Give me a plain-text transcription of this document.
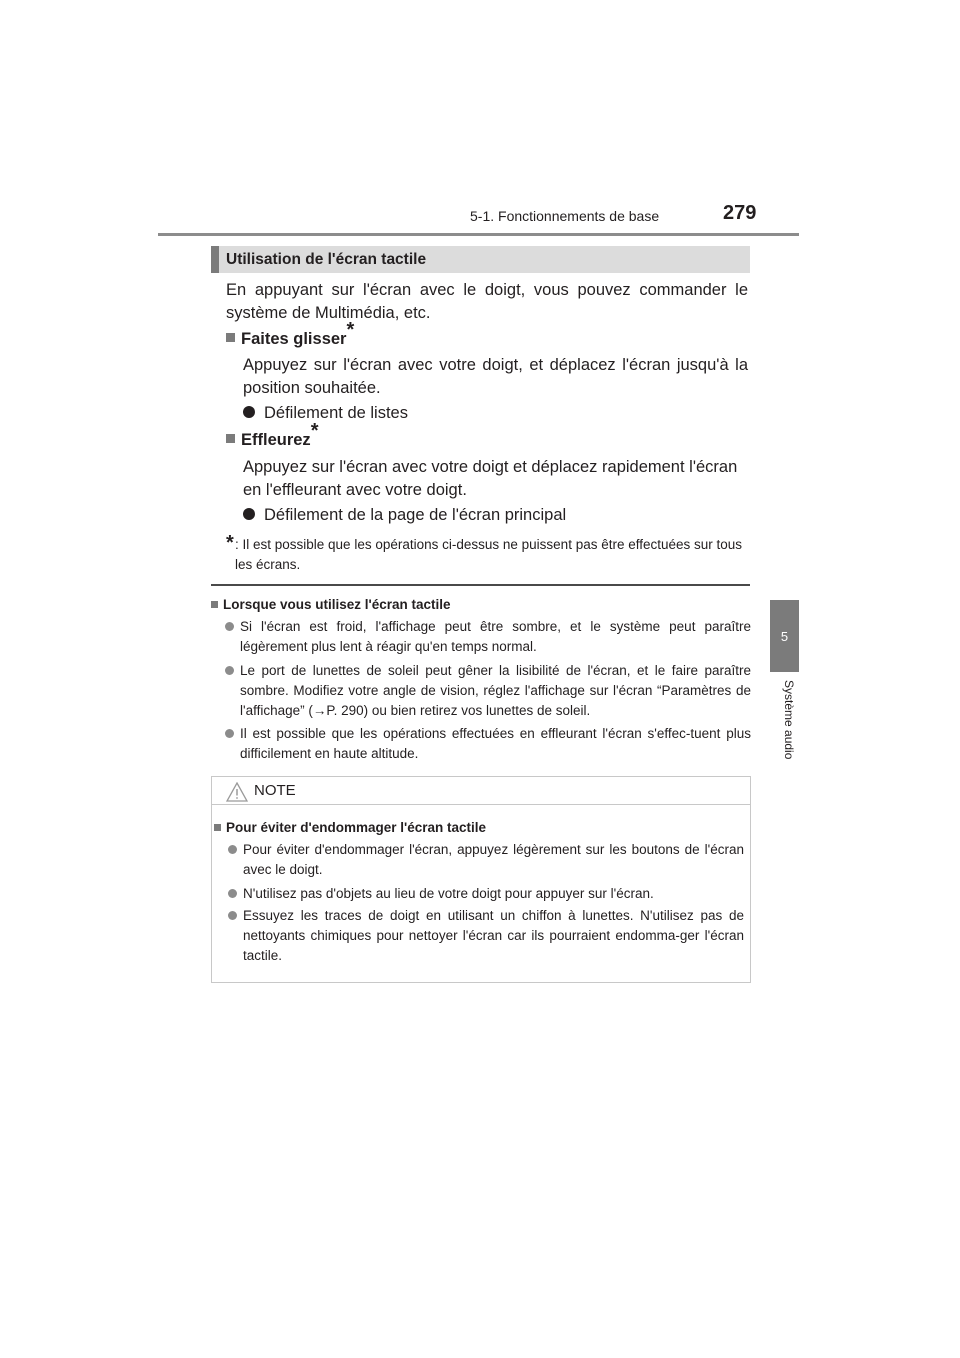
5-1. Fonctionnements de base	279
5
Système audio
Utilisation de l'écran tactile
En appuyant sur l'écran avec le doigt, vous pouvez commander le système de Multimédia, etc.
Faites glisser*
Appuyez sur l'écran avec votre doigt, et déplacez l'écran jusqu'à la position souhaitée.
Défilement de listes
Effleurez*
Appuyez sur l'écran avec votre doigt et déplacez rapidement l'écran en l'effleurant avec votre doigt.
Défilement de la page de l'écran principal
* : Il est possible que les opérations ci-dessus ne puissent pas être effectuées sur tous les écrans.
Lorsque vous utilisez l'écran tactile
Si l'écran est froid, l'affichage peut être sombre, et le système peut paraître légèrement plus lent à réagir qu'en temps normal.
Le port de lunettes de soleil peut gêner la lisibilité de l'écran, et le faire paraître sombre. Modifiez votre angle de vision, réglez l'affichage sur l'écran “Paramètres de l'affichage” (→P. 290) ou bien retirez vos lunettes de soleil.
Il est possible que les opérations effectuées en effleurant l'écran s'effec-tuent plus difficilement en haute altitude.
NOTE
Pour éviter d'endommager l'écran tactile
Pour éviter d'endommager l'écran, appuyez légèrement sur les boutons de l'écran avec le doigt.
N'utilisez pas d'objets au lieu de votre doigt pour appuyer sur l'écran.
Essuyez les traces de doigt en utilisant un chiffon à lunettes. N'utilisez pas de nettoyants chimiques pour nettoyer l'écran car ils pourraient endomma-ger l'écran tactile.
